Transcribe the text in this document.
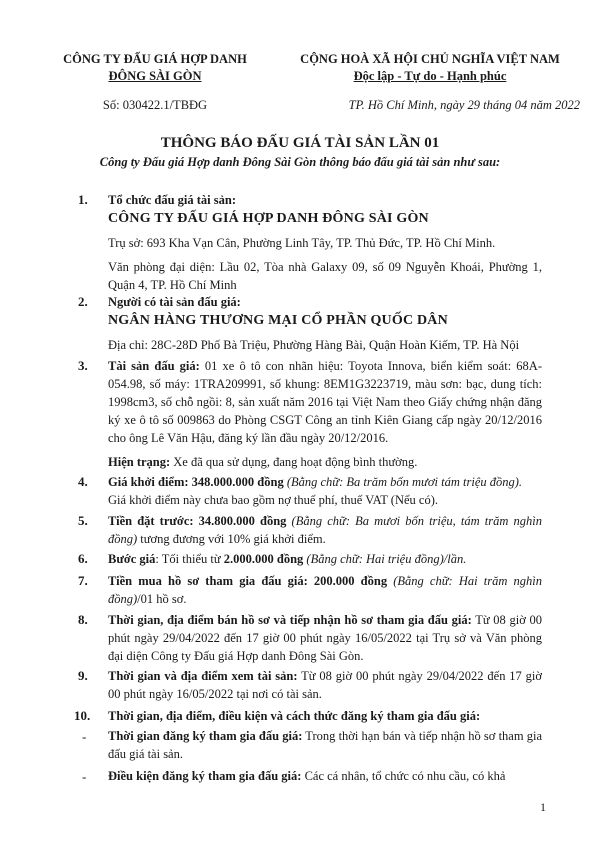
CÔNG TY ĐẤU GIÁ HỢP DANH
ĐÔNG SÀI GÒN
Số: 030422.1/TBĐG
CỘNG HOÀ XÃ HỘI CHỦ NGHĨA VIỆT NAM
Độc lập - Tự do - Hạnh phúc
TP. Hồ Chí Minh, ngày 29 tháng 04 năm 2022
THÔNG BÁO ĐẤU GIÁ TÀI SẢN LẦN 01
Công ty Đấu giá Hợp danh Đông Sài Gòn thông báo đấu giá tài sản như sau:
1. Tổ chức đấu giá tài sản:
CÔNG TY ĐẤU GIÁ HỢP DANH ĐÔNG SÀI GÒN
Trụ sở: 693 Kha Vạn Cân, Phường Linh Tây, TP. Thủ Đức, TP. Hồ Chí Minh.
Văn phòng đại diện: Lầu 02, Tòa nhà Galaxy 09, số 09 Nguyễn Khoái, Phường 1, Quận 4, TP. Hồ Chí Minh
2. Người có tài sản đấu giá:
NGÂN HÀNG THƯƠNG MẠI CỔ PHẦN QUỐC DÂN
Địa chỉ: 28C-28D Phố Bà Triệu, Phường Hàng Bài, Quận Hoàn Kiếm, TP. Hà Nội
3. Tài sản đấu giá: 01 xe ô tô con nhãn hiệu: Toyota Innova, biển kiểm soát: 68A-054.98, số máy: 1TRA209991, số khung: 8EM1G3223719, màu sơn: bạc, dung tích: 1998cm3, số chỗ ngồi: 8, sản xuất năm 2016 tại Việt Nam theo Giấy chứng nhận đăng ký xe ô tô số 009863 do Phòng CSGT Công an tỉnh Kiên Giang cấp ngày 20/12/2016 cho ông Lê Văn Hậu, đăng ký lần đầu ngày 20/12/2016.
Hiện trạng: Xe đã qua sử dụng, đang hoạt động bình thường.
4. Giá khởi điểm: 348.000.000 đồng (Bằng chữ: Ba trăm bốn mươi tám triệu đồng).
Giá khởi điểm này chưa bao gồm nợ thuế phí, thuế VAT (Nếu có).
5. Tiền đặt trước: 34.800.000 đồng (Bằng chữ: Ba mươi bốn triệu, tám trăm nghìn đồng) tương đương với 10% giá khởi điểm.
6. Bước giá: Tối thiểu từ 2.000.000 đồng (Bằng chữ: Hai triệu đồng)/lần.
7. Tiền mua hồ sơ tham gia đấu giá: 200.000 đồng (Bằng chữ: Hai trăm nghìn đồng)/01 hồ sơ.
8. Thời gian, địa điểm bán hồ sơ và tiếp nhận hồ sơ tham gia đấu giá: Từ 08 giờ 00 phút ngày 29/04/2022 đến 17 giờ 00 phút ngày 16/05/2022 tại Trụ sở và Văn phòng đại diện Công ty Đấu giá Hợp danh Đông Sài Gòn.
9. Thời gian và địa điểm xem tài sản: Từ 08 giờ 00 phút ngày 29/04/2022 đến 17 giờ 00 phút ngày 16/05/2022 tại nơi có tài sản.
10. Thời gian, địa điểm, điều kiện và cách thức đăng ký tham gia đấu giá:
- Thời gian đăng ký tham gia đấu giá: Trong thời hạn bán và tiếp nhận hồ sơ tham gia đấu giá tài sản.
- Điều kiện đăng ký tham gia đấu giá: Các cá nhân, tổ chức có nhu cầu, có khả
1
